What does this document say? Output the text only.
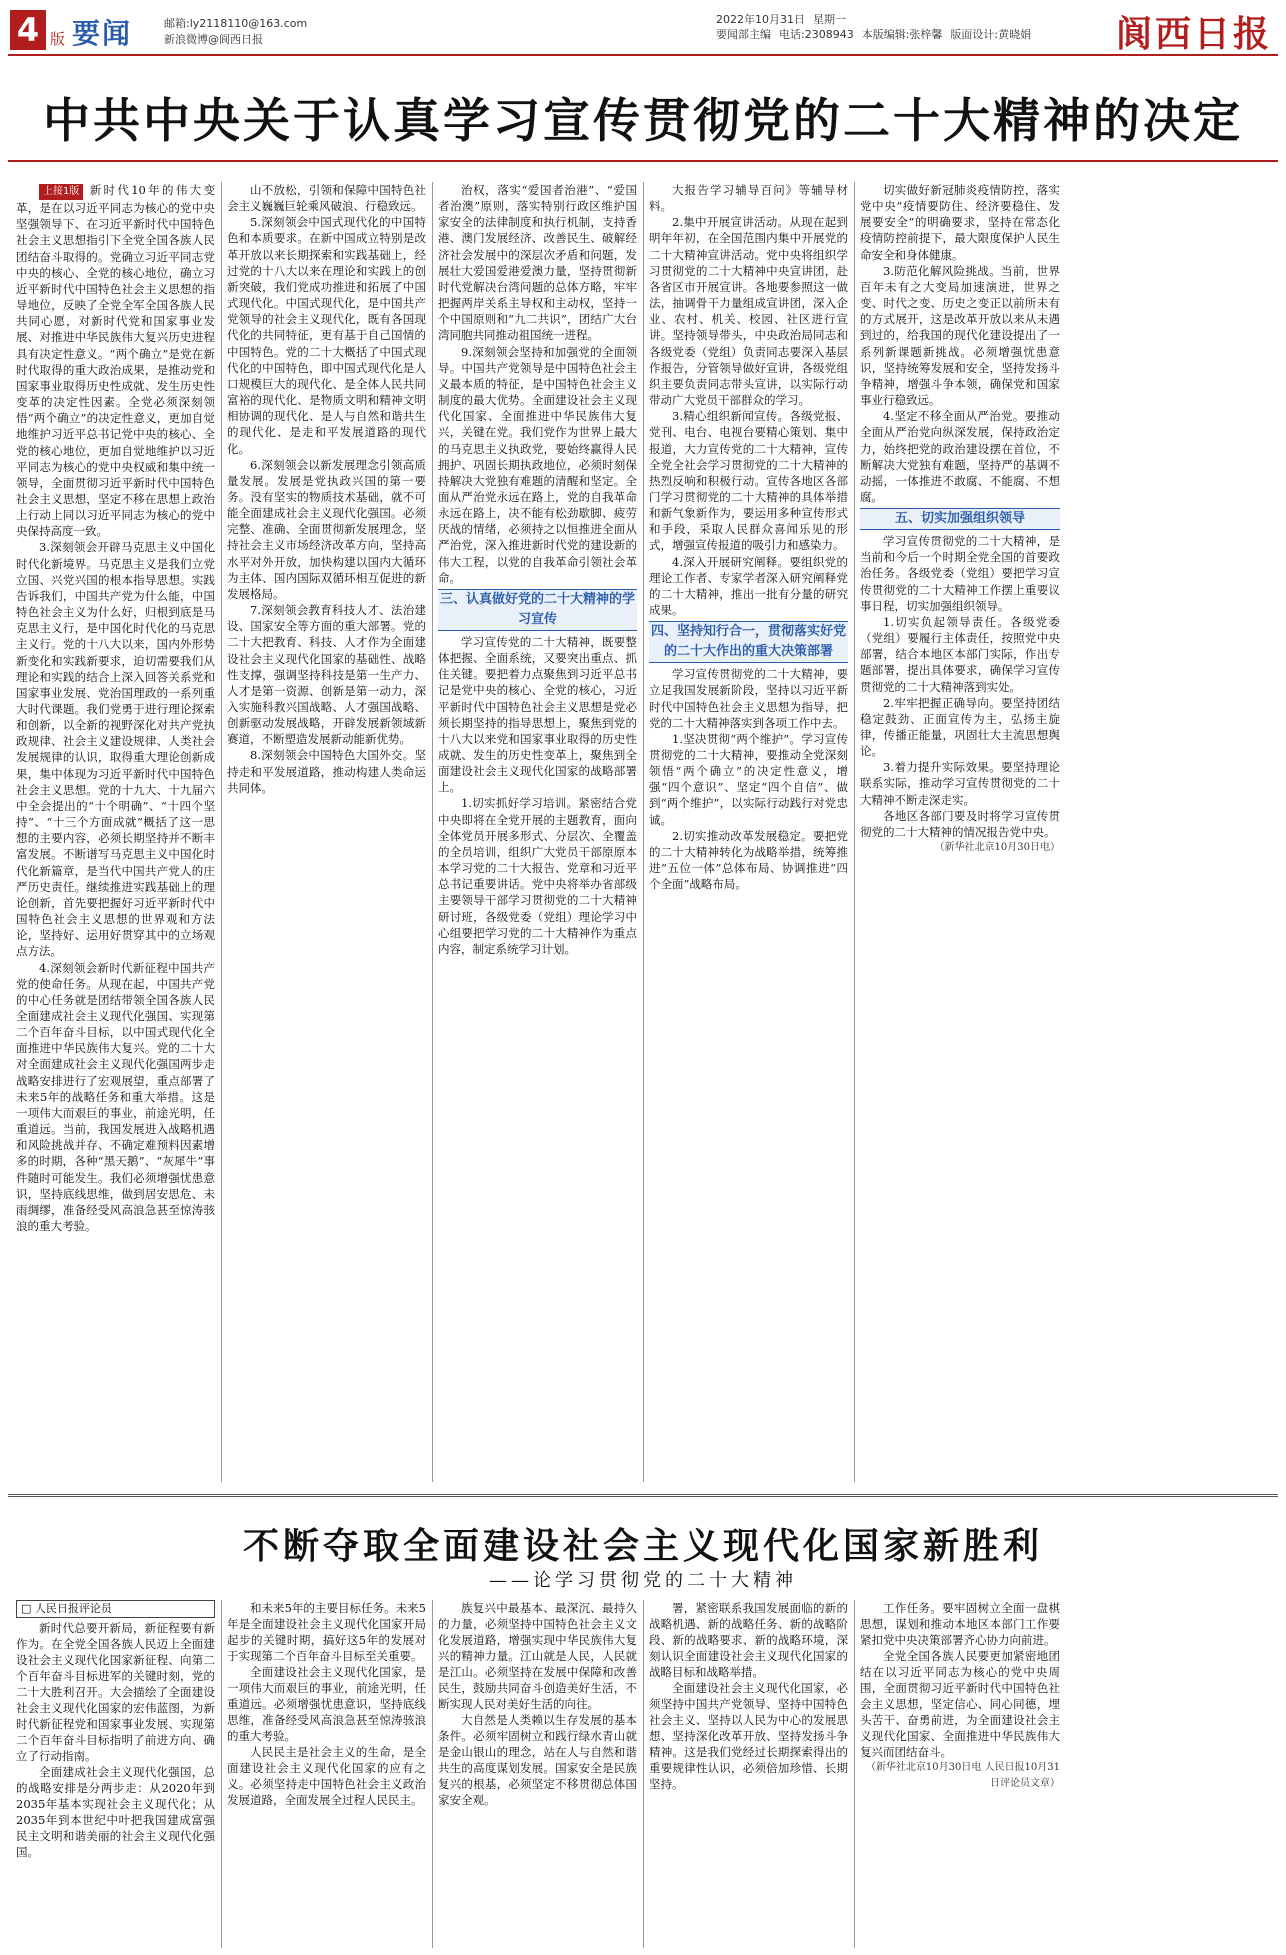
4 版 要闻	邮箱:ly2118110@163.com
新浪微博@阆西日报
2022年10月31日 星期一
要闻部主编 电话:2308943 本版编辑:张梓馨 版面设计:黄晓娟 阆西日报
中共中央关于认真学习宣传贯彻党的二十大精神的决定

上接1版 新时代10年的伟大变革，是在以习近平同志为核心的党中央坚强领导下、在习近平新时代中国特色社会主义思想指引下全党全国各族人民团结奋斗取得的。党确立习近平同志党中央的核心、全党的核心地位，确立习近平新时代中国特色社会主义思想的指导地位，反映了全党全军全国各族人民共同心愿，对新时代党和国家事业发展、对推进中华民族伟大复兴历史进程具有决定性意义。“两个确立”是党在新时代取得的重大政治成果，是推动党和国家事业取得历史性成就、发生历史性变革的决定性因素。全党必须深刻领悟“两个确立”的决定性意义，更加自觉地维护习近平总书记党中央的核心、全党的核心地位，更加自觉地维护以习近平同志为核心的党中央权威和集中统一领导，全面贯彻习近平新时代中国特色社会主义思想，坚定不移在思想上政治上行动上同以习近平同志为核心的党中央保持高度一致。

3.深刻领会开辟马克思主义中国化时代化新境界。马克思主义是我们立党立国、兴党兴国的根本指导思想。实践告诉我们，中国共产党为什么能，中国特色社会主义为什么好，归根到底是马克思主义行，是中国化时代化的马克思主义行。党的十八大以来，国内外形势新变化和实践新要求，迫切需要我们从理论和实践的结合上深入回答关系党和国家事业发展、党治国理政的一系列重大时代课题。我们党勇于进行理论探索和创新，以全新的视野深化对共产党执政规律、社会主义建设规律、人类社会发展规律的认识，取得重大理论创新成果，集中体现为习近平新时代中国特色社会主义思想。党的十九大、十九届六中全会提出的“十个明确”、“十四个坚持”、“十三个方面成就”概括了这一思想的主要内容，必须长期坚持并不断丰富发展。不断谱写马克思主义中国化时代化新篇章，是当代中国共产党人的庄严历史责任。继续推进实践基础上的理论创新，首先要把握好习近平新时代中国特色社会主义思想的世界观和方法论，坚持好、运用好贯穿其中的立场观点方法。

4.深刻领会新时代新征程中国共产党的使命任务。从现在起，中国共产党的中心任务就是团结带领全国各族人民全面建成社会主义现代化强国、实现第二个百年奋斗目标，以中国式现代化全面推进中华民族伟大复兴。党的二十大对全面建成社会主义现代化强国两步走战略安排进行了宏观展望，重点部署了未来5年的战略任务和重大举措。这是一项伟大而艰巨的事业，前途光明，任重道远。当前，我国发展进入战略机遇和风险挑战并存、不确定难预料因素增多的时期，各种“黑天鹅”、“灰犀牛”事件随时可能发生。我们必须增强忧患意识，坚持底线思维，做到居安思危、未雨绸缪，准备经受风高浪急甚至惊涛骇浪的重大考验。

山不放松，引领和保障中国特色社会主义巍巍巨轮乘风破浪、行稳致远。

5.深刻领会中国式现代化的中国特色和本质要求。在新中国成立特别是改革开放以来长期探索和实践基础上，经过党的十八大以来在理论和实践上的创新突破，我们党成功推进和拓展了中国式现代化。中国式现代化，是中国共产党领导的社会主义现代化，既有各国现代化的共同特征，更有基于自己国情的中国特色。党的二十大概括了中国式现代化的中国特色，即中国式现代化是人口规模巨大的现代化、是全体人民共同富裕的现代化、是物质文明和精神文明相协调的现代化、是人与自然和谐共生的现代化、是走和平发展道路的现代化。

6.深刻领会以新发展理念引领高质量发展。发展是党执政兴国的第一要务。没有坚实的物质技术基础，就不可能全面建成社会主义现代化强国。必须完整、准确、全面贯彻新发展理念，坚持社会主义市场经济改革方向，坚持高水平对外开放，加快构建以国内大循环为主体、国内国际双循环相互促进的新发展格局。

7.深刻领会教育科技人才、法治建设、国家安全等方面的重大部署。党的二十大把教育、科技、人才作为全面建设社会主义现代化国家的基础性、战略性支撑，强调坚持科技是第一生产力、人才是第一资源、创新是第一动力，深入实施科教兴国战略、人才强国战略、创新驱动发展战略，开辟发展新领域新赛道，不断塑造发展新动能新优势。

8.深刻领会中国特色大国外交。坚持走和平发展道路，推动构建人类命运共同体。

治权，落实“爱国者治港”、“爱国者治澳”原则，落实特别行政区维护国家安全的法律制度和执行机制，支持香港、澳门发展经济、改善民生、破解经济社会发展中的深层次矛盾和问题，发展壮大爱国爱港爱澳力量，坚持贯彻新时代党解决台湾问题的总体方略，牢牢把握两岸关系主导权和主动权，坚持一个中国原则和“九二共识”，团结广大台湾同胞共同推动祖国统一进程。

9.深刻领会坚持和加强党的全面领导。中国共产党领导是中国特色社会主义最本质的特征，是中国特色社会主义制度的最大优势。全面建设社会主义现代化国家、全面推进中华民族伟大复兴，关键在党。我们党作为世界上最大的马克思主义执政党，要始终赢得人民拥护、巩固长期执政地位，必须时刻保持解决大党独有难题的清醒和坚定。全面从严治党永远在路上，党的自我革命永远在路上，决不能有松劲歇脚、疲劳厌战的情绪，必须持之以恒推进全面从严治党，深入推进新时代党的建设新的伟大工程，以党的自我革命引领社会革命。

三、认真做好党的二十大精神的学习宣传

学习宣传党的二十大精神，既要整体把握、全面系统，又要突出重点、抓住关键。要把着力点聚焦到习近平总书记是党中央的核心、全党的核心，习近平新时代中国特色社会主义思想是党必须长期坚持的指导思想上，聚焦到党的十八大以来党和国家事业取得的历史性成就、发生的历史性变革上，聚焦到全面建设社会主义现代化国家的战略部署上。

1.切实抓好学习培训。紧密结合党中央即将在全党开展的主题教育，面向全体党员开展多形式、分层次、全覆盖的全员培训，组织广大党员干部原原本本学习党的二十大报告、党章和习近平总书记重要讲话。党中央将举办省部级主要领导干部学习贯彻党的二十大精神研讨班，各级党委（党组）理论学习中心组要把学习党的二十大精神作为重点内容，制定系统学习计划。

大报告学习辅导百问》等辅导材料。

2.集中开展宣讲活动。从现在起到明年年初，在全国范围内集中开展党的二十大精神宣讲活动。党中央将组织学习贯彻党的二十大精神中央宣讲团，赴各省区市开展宣讲。各地要参照这一做法，抽调骨干力量组成宣讲团，深入企业、农村、机关、校园、社区进行宣讲。坚持领导带头，中央政治局同志和各级党委（党组）负责同志要深入基层作报告，分管领导做好宣讲，各级党组织主要负责同志带头宣讲，以实际行动带动广大党员干部群众的学习。

3.精心组织新闻宣传。各级党报、党刊、电台、电视台要精心策划、集中报道，大力宣传党的二十大精神，宣传全党全社会学习贯彻党的二十大精神的热烈反响和积极行动。宣传各地区各部门学习贯彻党的二十大精神的具体举措和新气象新作为，要运用多种宣传形式和手段，采取人民群众喜闻乐见的形式，增强宣传报道的吸引力和感染力。

4.深入开展研究阐释。要组织党的理论工作者、专家学者深入研究阐释党的二十大精神，推出一批有分量的研究成果。

四、坚持知行合一，贯彻落实好党的二十大作出的重大决策部署

学习宣传贯彻党的二十大精神，要立足我国发展新阶段，坚持以习近平新时代中国特色社会主义思想为指导，把党的二十大精神落实到各项工作中去。

1.坚决贯彻“两个维护”。学习宣传贯彻党的二十大精神，要推动全党深刻领悟“两个确立”的决定性意义，增强“四个意识”、坚定“四个自信”、做到“两个维护”，以实际行动践行对党忠诚。

2.切实推动改革发展稳定。要把党的二十大精神转化为战略举措，统筹推进“五位一体”总体布局、协调推进“四个全面”战略布局。

切实做好新冠肺炎疫情防控，落实党中央“疫情要防住、经济要稳住、发展要安全”的明确要求，坚持在常态化疫情防控前提下，最大限度保护人民生命安全和身体健康。

3.防范化解风险挑战。当前，世界百年未有之大变局加速演进，世界之变、时代之变、历史之变正以前所未有的方式展开，这是改革开放以来从未遇到过的，给我国的现代化建设提出了一系列新课题新挑战。必须增强忧患意识，坚持统筹发展和安全，坚持发扬斗争精神，增强斗争本领，确保党和国家事业行稳致远。

4.坚定不移全面从严治党。要推动全面从严治党向纵深发展，保持政治定力，始终把党的政治建设摆在首位，不断解决大党独有难题，坚持严的基调不动摇，一体推进不敢腐、不能腐、不想腐。

五、切实加强组织领导

学习宣传贯彻党的二十大精神，是当前和今后一个时期全党全国的首要政治任务。各级党委（党组）要把学习宣传贯彻党的二十大精神工作摆上重要议事日程，切实加强组织领导。

1.切实负起领导责任。各级党委（党组）要履行主体责任，按照党中央部署，结合本地区本部门实际，作出专题部署，提出具体要求，确保学习宣传贯彻党的二十大精神落到实处。

2.牢牢把握正确导向。要坚持团结稳定鼓劲、正面宣传为主，弘扬主旋律，传播正能量，巩固壮大主流思想舆论。

3.着力提升实际效果。要坚持理论联系实际，推动学习宣传贯彻党的二十大精神不断走深走实。

各地区各部门要及时将学习宣传贯彻党的二十大精神的情况报告党中央。

（新华社北京10月30日电）
不断夺取全面建设社会主义现代化国家新胜利
——论学习贯彻党的二十大精神
□ 人民日报评论员

新时代总要开新局，新征程要有新作为。在全党全国各族人民迈上全面建设社会主义现代化国家新征程、向第二个百年奋斗目标进军的关键时刻，党的二十大胜利召开。大会描绘了全面建设社会主义现代化国家的宏伟蓝图，为新时代新征程党和国家事业发展、实现第二个百年奋斗目标指明了前进方向、确立了行动指南。

全面建成社会主义现代化强国，总的战略安排是分两步走：从2020年到2035年基本实现社会主义现代化；从2035年到本世纪中叶把我国建成富强民主文明和谐美丽的社会主义现代化强国。

和未来5年的主要目标任务。未来5年是全面建设社会主义现代化国家开局起步的关键时期，搞好这5年的发展对于实现第二个百年奋斗目标至关重要。

全面建设社会主义现代化国家，是一项伟大而艰巨的事业，前途光明，任重道远。必须增强忧患意识，坚持底线思维，准备经受风高浪急甚至惊涛骇浪的重大考验。

人民民主是社会主义的生命，是全面建设社会主义现代化国家的应有之义。必须坚持走中国特色社会主义政治发展道路，全面发展全过程人民民主。

族复兴中最基本、最深沉、最持久的力量，必须坚持中国特色社会主义文化发展道路，增强实现中华民族伟大复兴的精神力量。江山就是人民，人民就是江山。必须坚持在发展中保障和改善民生，鼓励共同奋斗创造美好生活，不断实现人民对美好生活的向往。

大自然是人类赖以生存发展的基本条件。必须牢固树立和践行绿水青山就是金山银山的理念，站在人与自然和谐共生的高度谋划发展。国家安全是民族复兴的根基，必须坚定不移贯彻总体国家安全观。

署，紧密联系我国发展面临的新的战略机遇、新的战略任务、新的战略阶段、新的战略要求、新的战略环境，深刻认识全面建设社会主义现代化国家的战略目标和战略举措。

全面建设社会主义现代化国家，必须坚持中国共产党领导、坚持中国特色社会主义、坚持以人民为中心的发展思想、坚持深化改革开放、坚持发扬斗争精神。这是我们党经过长期探索得出的重要规律性认识，必须倍加珍惜、长期坚持。

工作任务。要牢固树立全面一盘棋思想，谋划和推动本地区本部门工作要紧扣党中央决策部署齐心协力向前进。

全党全国各族人民要更加紧密地团结在以习近平同志为核心的党中央周围，全面贯彻习近平新时代中国特色社会主义思想，坚定信心、同心同德，埋头苦干、奋勇前进，为全面建设社会主义现代化国家、全面推进中华民族伟大复兴而团结奋斗。

（新华社北京10月30日电 人民日报10月31日评论员文章）
